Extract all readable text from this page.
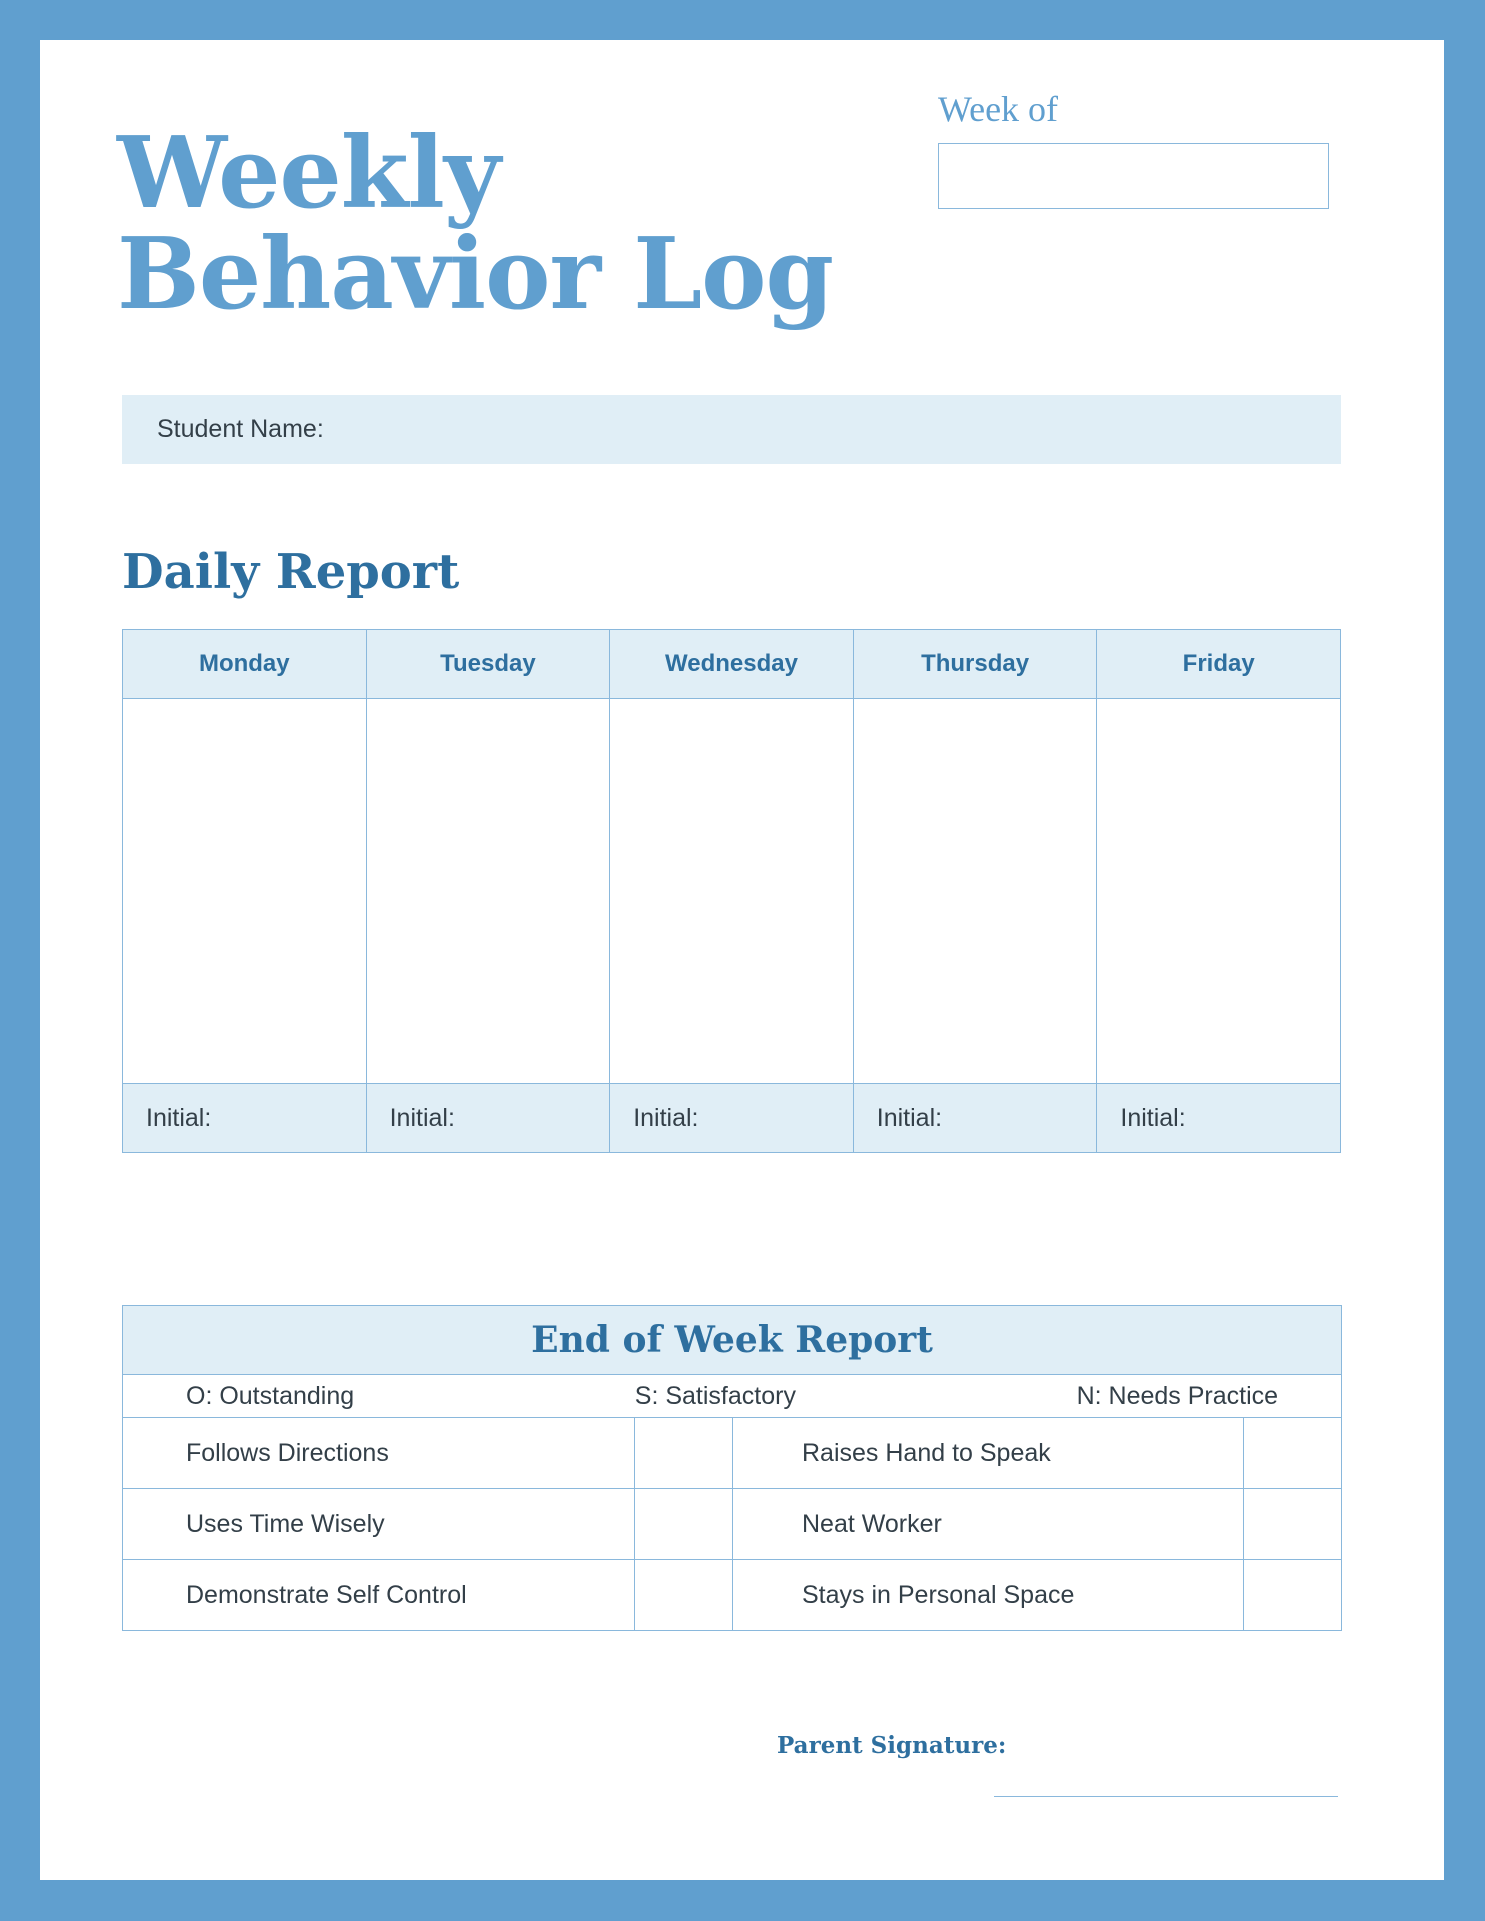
Weekly
Behavior Log
Week of
Student Name:
Daily Report
Monday	Tuesday	Wednesday	Thursday	Friday

Initial:	Initial:	Initial:	Initial:	Initial:
End of Week Report			

O: Outstanding S: Satisfactory N: Needs Practice			

Follows Directions		Raises Hand to Speak	
Uses Time Wisely		Neat Worker	
Demonstrate Self Control		Stays in Personal Space	
Parent Signature:
